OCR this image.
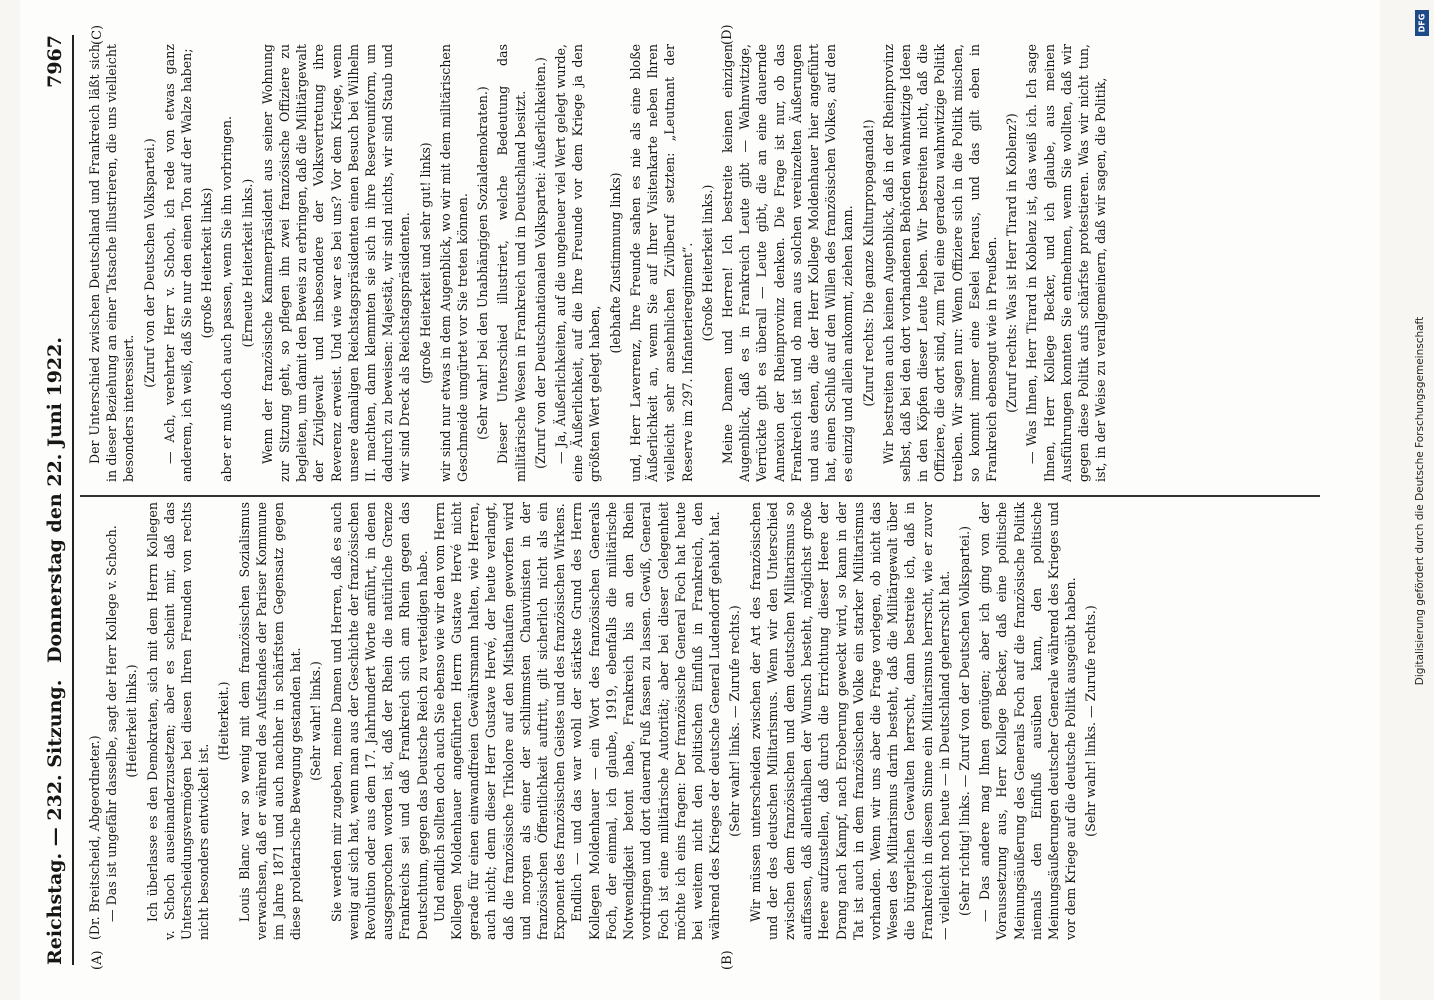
Reichstag. — 232. Sitzung.
Donnerstag den 22. Juni 1922.
7967
(A)	(B)
(C)	(D)

(Dr. Breitscheid, Abgeordneter.) — Das ist ungefähr dasselbe, sagt der Herr Kollege v. Schoch. (Heiterkeit links.) Ich überlasse es den Demokraten, sich mit dem Herrn Kollegen v. Schoch auseinanderzusetzen; aber es scheint mir, daß das Unterscheidungsvermögen bei diesen Ihren Freunden von rechts nicht besonders entwickelt ist.

(Heiterkeit.) Louis Blanc war so wenig mit dem französischen Sozialismus verwachsen, daß er während des Aufstandes der Pariser Kommune im Jahre 1871 und auch nachher in schärfstem Gegensatz gegen diese proletarische Bewegung gestanden hat. (Sehr wahr! links.) Sie werden mir zugeben, meine Damen und Herren, daß es auch wenig auf sich hat, wenn man aus der Geschichte der französischen Revolution oder aus dem 17. Jahrhundert Worte anführt, in denen ausgesprochen worden ist, daß der Rhein die natürliche Grenze Frankreichs sei und daß Frankreich sich am Rhein gegen das Deutschtum, gegen das Deutsche Reich zu verteidigen habe. Und endlich sollten doch auch Sie ebenso wie wir den vom Herrn Kollegen Moldenhauer angeführten Herrn Gustave Hervé nicht gerade für einen einwandfreien Gewährsmann halten, wie Herren, auch nicht; denn dieser Herr Gustave Hervé, der heute verlangt, daß die französische Trikolore auf den Misthaufen geworfen wird und morgen als einer der schlimmsten Chauvinisten in der französischen Öffentlichkeit auftritt, gilt sicherlich nicht als ein Exponent des französischen Geistes und des französischen Wirkens. Endlich — und das war wohl der stärkste Grund des Herrn Kollegen Moldenhauer — ein Wort des französischen Generals Foch, der einmal, ich glaube, 1919, ebenfalls die militärische Notwendigkeit betont habe, Frankreich bis an den Rhein vordringen und dort dauernd Fuß fassen zu lassen. Gewiß, General Foch ist eine militärische Autorität; aber bei dieser Gelegenheit möchte ich eins fragen: Der französische General Foch hat heute bei weitem nicht den politischen Einfluß in Frankreich, den während des Krieges der deutsche General Ludendorff gehabt hat. (Sehr wahr! links. — Zurufe rechts.) Wir müssen unterscheiden zwischen der Art des französischen und der des deutschen Militarismus. Wenn wir den Unterschied zwischen dem französischen und dem deutschen Militarismus so auffassen, daß allenthalben der Wunsch besteht, möglichst große Heere aufzustellen, daß durch die Errichtung dieser Heere der Drang nach Kampf, nach Eroberung geweckt wird, so kann in der Tat ist auch in dem französischen Volke ein starker Militarismus vorhanden. Wenn wir uns aber die Frage vorlegen, ob nicht das Wesen des Militarismus darin besteht, daß die Militärgewalt über die bürgerlichen Gewalten herrscht, dann bestreite ich, daß in Frankreich in diesem Sinne ein Militarismus herrscht, wie er zuvor — vielleicht noch heute — in Deutschland geherrscht hat. (Sehr richtig! links. — Zuruf von der Deutschen Volkspartei.) — Das andere mag Ihnen genügen; aber ich ging von der Voraussetzung aus, Herr Kollege Becker, daß eine politische Meinungsäußerung des Generals Foch auf die französische Politik niemals den Einfluß ausüben kann, den politische Meinungsäußerungen deutscher Generale während des Krieges und vor dem Kriege auf die deutsche Politik ausgeübt haben. (Sehr wahr! links. — Zurufe rechts.)

Der Unterschied zwischen Deutschland und Frankreich läßt sich in dieser Beziehung an einer Tatsache illustrieren, die uns vielleicht besonders interessiert.

(Zuruf von der Deutschen Volkspartei.) — Ach, verehrter Herr v. Schoch, ich rede von etwas ganz anderem, ich weiß, daß Sie nur den einen Ton auf der Walze haben; (große Heiterkeit links) aber er muß doch auch passen, wenn Sie ihn vorbringen. (Erneute Heiterkeit links.) Wenn der französische Kammerpräsident aus seiner Wohnung zur Sitzung geht, so pflegen ihn zwei französische Offiziere zu begleiten, um damit den Beweis zu erbringen, daß die Militärgewalt der Zivilgewalt und insbesondere der Volksvertretung ihre Reverenz erweist. Und wie war es bei uns? Vor dem Kriege, wenn unsere damaligen Reichstagspräsidenten einen Besuch bei Wilhelm II. machten, dann klemmten sie sich in ihre Reserveuniform, um dadurch zu beweisen: Majestät, wir sind nichts, wir sind Staub und wir sind Dreck als Reichstagspräsidenten. (große Heiterkeit und sehr gut! links) wir sind nur etwas in dem Augenblick, wo wir mit dem militärischen Geschmeide umgürtet vor Sie treten können. (Sehr wahr! bei den Unabhängigen Sozialdemokraten.) Dieser Unterschied illustriert, welche Bedeutung das militärische Wesen in Frankreich und in Deutschland besitzt. (Zuruf von der Deutschnationalen Volkspartei: Äußerlichkeiten.) — Ja, Äußerlichkeiten, auf die ungeheuer viel Wert gelegt wurde, eine Äußerlichkeit, auf die Ihre Freunde vor dem Kriege ja den größten Wert gelegt haben,

(lebhafte Zustimmung links) und, Herr Laverrenz, Ihre Freunde sahen es nie als eine bloße Äußerlichkeit an, wenn Sie auf Ihrer Visitenkarte neben Ihren vielleicht sehr ansehnlichen Zivilberuf setzten: „Leutnant der Reserve im 297. Infanterieregiment“. (Große Heiterkeit links.) Meine Damen und Herren! Ich bestreite keinen einzigen Augenblick, daß es in Frankreich Leute gibt — Wahnwitzige, Verrückte gibt es überall — Leute gibt, die an eine dauernde Annexion der Rheinprovinz denken. Die Frage ist nur, ob das Frankreich ist und ob man aus solchen vereinzelten Äußerungen und aus denen, die der Herr Kollege Moldenhauer hier angeführt hat, einen Schluß auf den Willen des französischen Volkes, auf den es einzig und allein ankommt, ziehen kann. (Zuruf rechts: Die ganze Kulturpropaganda!) Wir bestreiten auch keinen Augenblick, daß in der Rheinprovinz selbst, daß bei den dort vorhandenen Behörden wahnwitzige Ideen in den Köpfen dieser Leute leben. Wir bestreiten nicht, daß die Offiziere, die dort sind, zum Teil eine geradezu wahnwitzige Politik treiben. Wir sagen nur: Wenn Offiziere sich in die Politik mischen, so kommt immer eine Eselei heraus, und das gilt eben in Frankreich ebensogut wie in Preußen. (Zuruf rechts: Was ist Herr Tirard in Koblenz?) — Was Ihnen, Herr Tirard in Koblenz ist, das weiß ich. Ich sage Ihnen, Herr Kollege Becker, und ich glaube, aus meinen Ausführungen konnten Sie entnehmen, wenn Sie wollten, daß wir gegen diese Politik aufs schärfste protestieren. Was wir nicht tun, ist, in der Weise zu verallgemeinern, daß wir sagen, die Politik,

DFG
Digitalisierung gefördert durch die Deutsche Forschungsgemeinschaft
